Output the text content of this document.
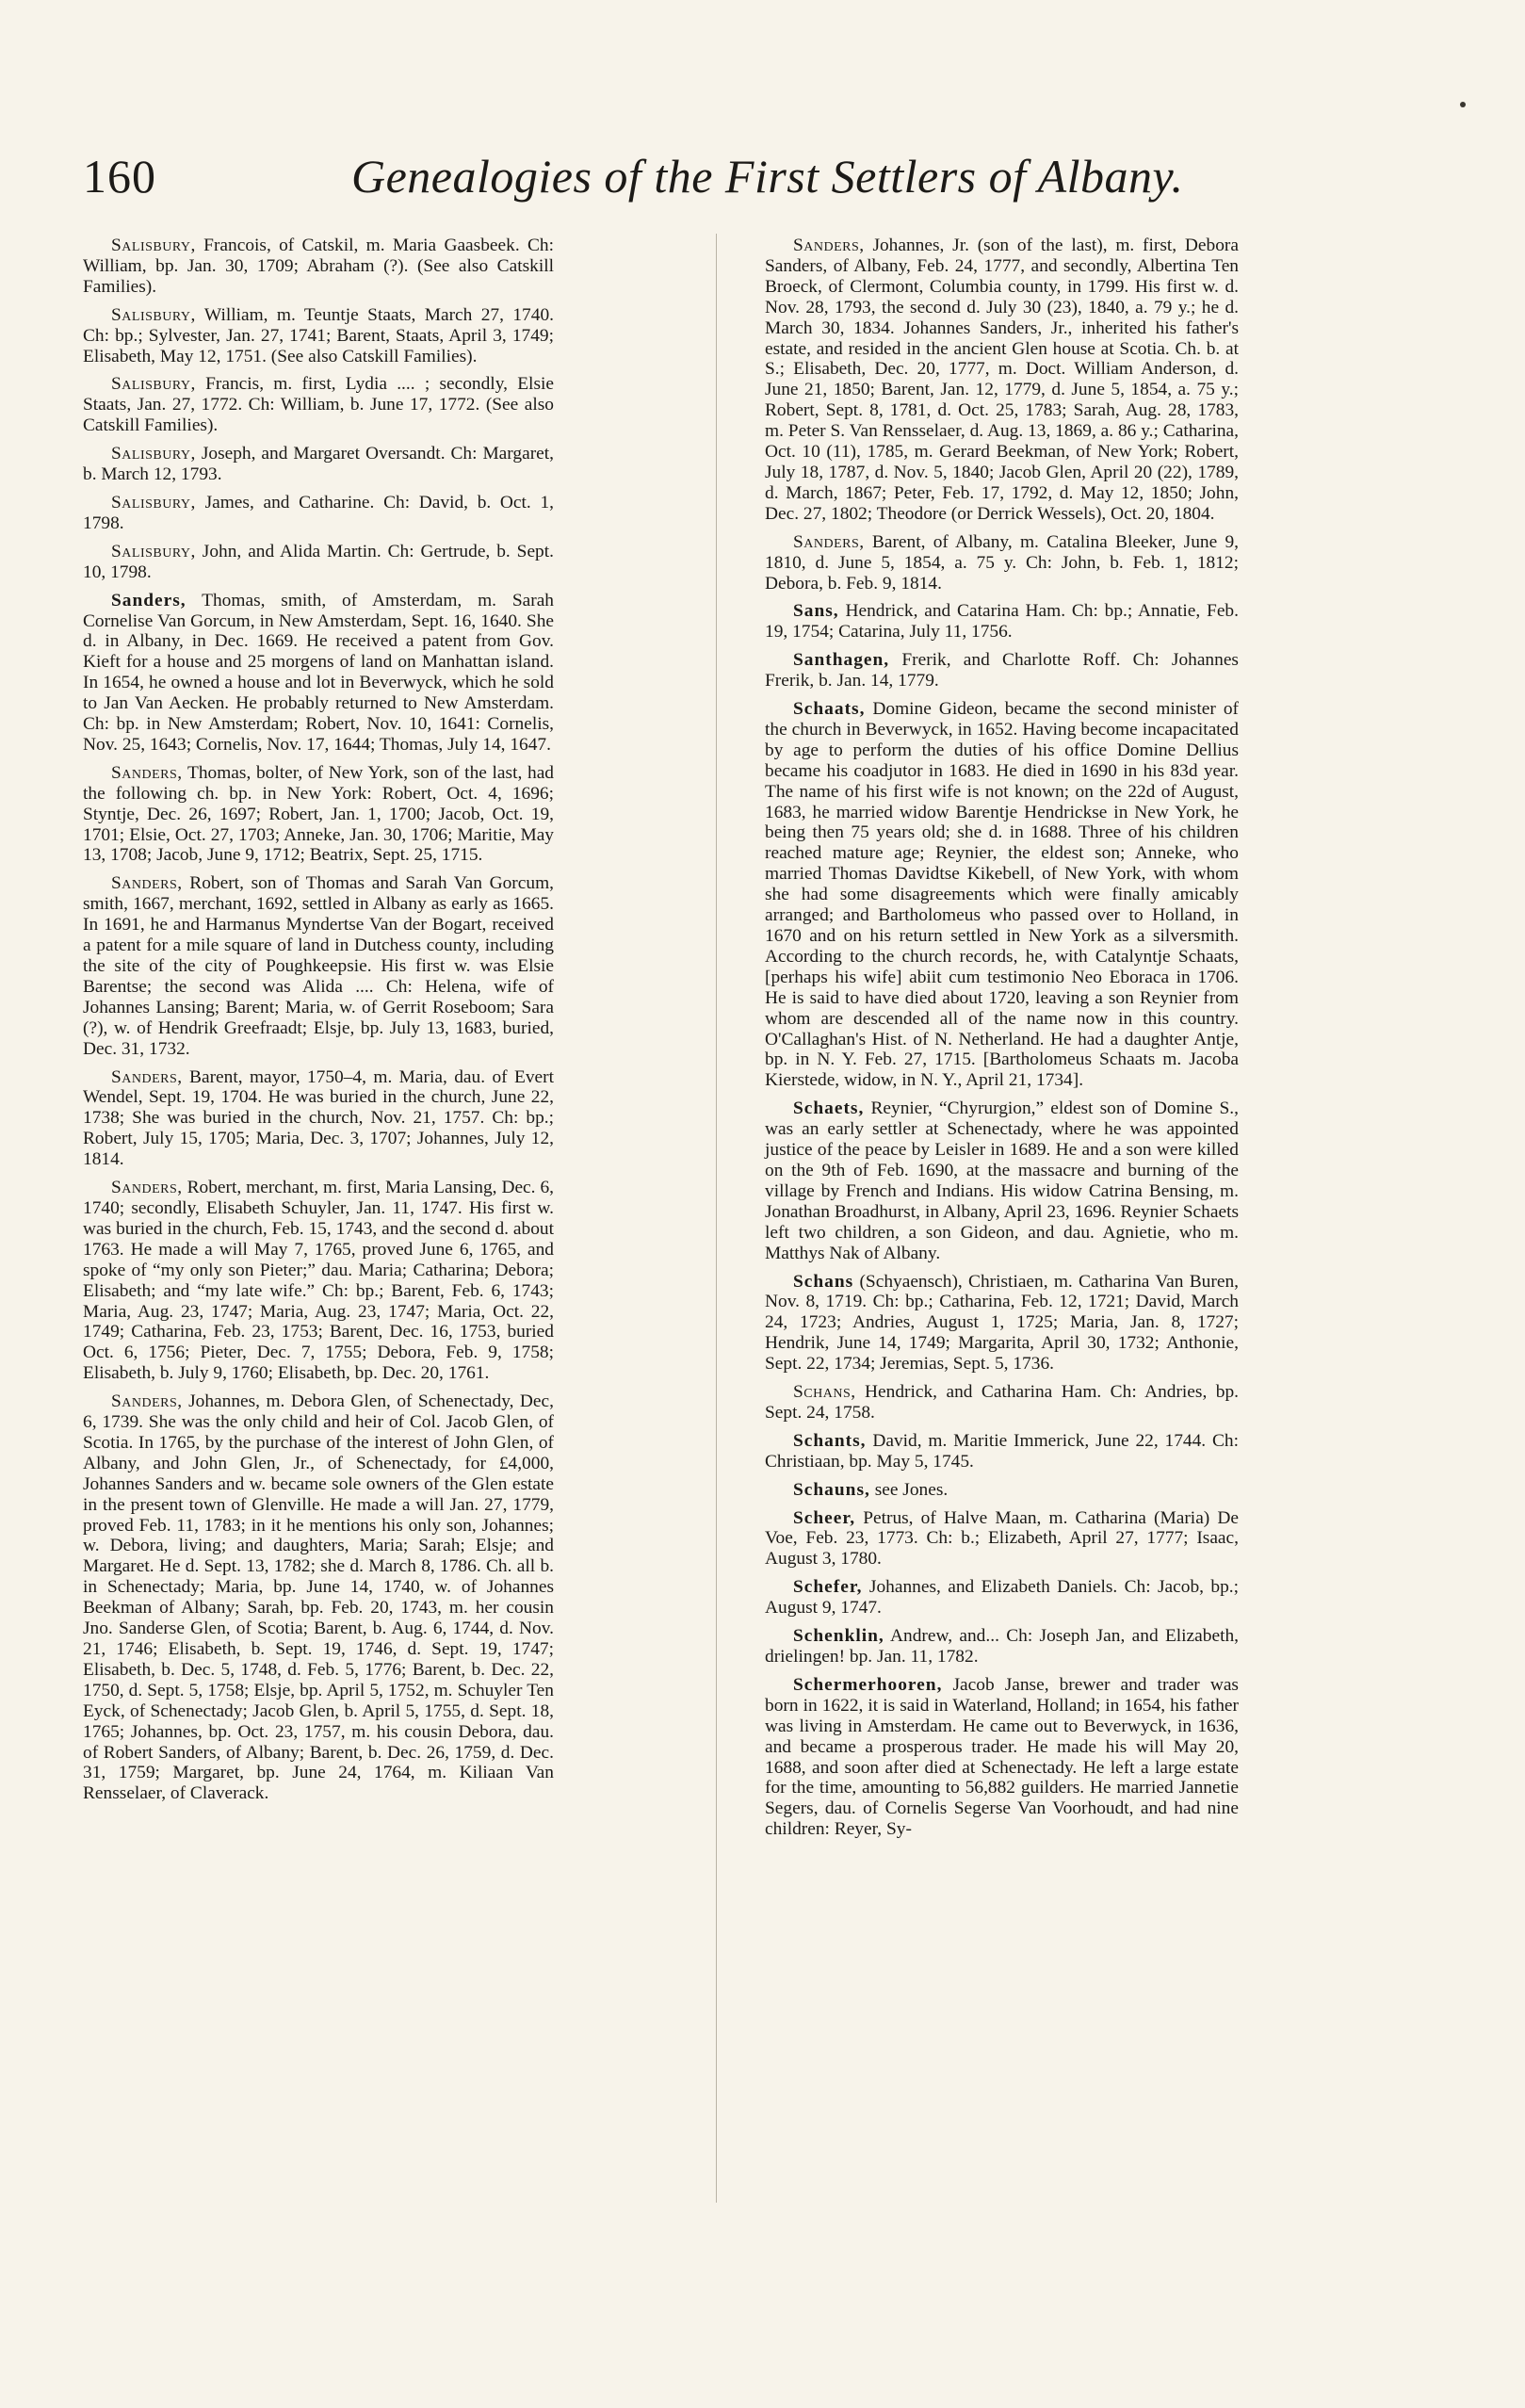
160	Genealogies of the First Settlers of Albany.

Salisbury, Francois, of Catskil, m. Maria Gaasbeek. Ch: William, bp. Jan. 30, 1709; Abraham (?). (See also Catskill Families).

Salisbury, William, m. Teuntje Staats, March 27, 1740. Ch: bp.; Sylvester, Jan. 27, 1741; Barent, Staats, April 3, 1749; Elisabeth, May 12, 1751. (See also Catskill Families).

Salisbury, Francis, m. first, Lydia .... ; secondly, Elsie Staats, Jan. 27, 1772. Ch: William, b. June 17, 1772. (See also Catskill Families).

Salisbury, Joseph, and Margaret Oversandt. Ch: Margaret, b. March 12, 1793.

Salisbury, James, and Catharine. Ch: David, b. Oct. 1, 1798.

Salisbury, John, and Alida Martin. Ch: Gertrude, b. Sept. 10, 1798.

Sanders, Thomas, smith, of Amsterdam, m. Sarah Cornelise Van Gorcum, in New Amsterdam, Sept. 16, 1640. She d. in Albany, in Dec. 1669. He received a patent from Gov. Kieft for a house and 25 morgens of land on Manhattan island. In 1654, he owned a house and lot in Beverwyck, which he sold to Jan Van Aecken. He probably returned to New Amsterdam. Ch: bp. in New Amsterdam; Robert, Nov. 10, 1641: Cornelis, Nov. 25, 1643; Cornelis, Nov. 17, 1644; Thomas, July 14, 1647.

Sanders, Thomas, bolter, of New York, son of the last, had the following ch. bp. in New York: Robert, Oct. 4, 1696; Styntje, Dec. 26, 1697; Robert, Jan. 1, 1700; Jacob, Oct. 19, 1701; Elsie, Oct. 27, 1703; Anneke, Jan. 30, 1706; Maritie, May 13, 1708; Jacob, June 9, 1712; Beatrix, Sept. 25, 1715.

Sanders, Robert, son of Thomas and Sarah Van Gorcum, smith, 1667, merchant, 1692, settled in Albany as early as 1665. In 1691, he and Harmanus Myndertse Van der Bogart, received a patent for a mile square of land in Dutchess county, including the site of the city of Poughkeepsie. His first w. was Elsie Barentse; the second was Alida .... Ch: Helena, wife of Johannes Lansing; Barent; Maria, w. of Gerrit Roseboom; Sara (?), w. of Hendrik Greefraadt; Elsje, bp. July 13, 1683, buried, Dec. 31, 1732.

Sanders, Barent, mayor, 1750–4, m. Maria, dau. of Evert Wendel, Sept. 19, 1704. He was buried in the church, June 22, 1738; She was buried in the church, Nov. 21, 1757. Ch: bp.; Robert, July 15, 1705; Maria, Dec. 3, 1707; Johannes, July 12, 1814.

Sanders, Robert, merchant, m. first, Maria Lansing, Dec. 6, 1740; secondly, Elisabeth Schuyler, Jan. 11, 1747. His first w. was buried in the church, Feb. 15, 1743, and the second d. about 1763. He made a will May 7, 1765, proved June 6, 1765, and spoke of “my only son Pieter;” dau. Maria; Catharina; Debora; Elisabeth; and “my late wife.” Ch: bp.; Barent, Feb. 6, 1743; Maria, Aug. 23, 1747; Maria, Aug. 23, 1747; Maria, Oct. 22, 1749; Catharina, Feb. 23, 1753; Barent, Dec. 16, 1753, buried Oct. 6, 1756; Pieter, Dec. 7, 1755; Debora, Feb. 9, 1758; Elisabeth, b. July 9, 1760; Elisabeth, bp. Dec. 20, 1761.

Sanders, Johannes, m. Debora Glen, of Schenectady, Dec, 6, 1739. She was the only child and heir of Col. Jacob Glen, of Scotia. In 1765, by the purchase of the interest of John Glen, of Albany, and John Glen, Jr., of Schenectady, for £4,000, Johannes Sanders and w. became sole owners of the Glen estate in the present town of Glenville. He made a will Jan. 27, 1779, proved Feb. 11, 1783; in it he mentions his only son, Johannes; w. Debora, living; and daughters, Maria; Sarah; Elsje; and Margaret. He d. Sept. 13, 1782; she d. March 8, 1786. Ch. all b. in Schenectady; Maria, bp. June 14, 1740, w. of Johannes Beekman of Albany; Sarah, bp. Feb. 20, 1743, m. her cousin Jno. Sanderse Glen, of Scotia; Barent, b. Aug. 6, 1744, d. Nov. 21, 1746; Elisabeth, b. Sept. 19, 1746, d. Sept. 19, 1747; Elisabeth, b. Dec. 5, 1748, d. Feb. 5, 1776; Barent, b. Dec. 22, 1750, d. Sept. 5, 1758; Elsje, bp. April 5, 1752, m. Schuyler Ten Eyck, of Schenectady; Jacob Glen, b. April 5, 1755, d. Sept. 18, 1765; Johannes, bp. Oct. 23, 1757, m. his cousin Debora, dau. of Robert Sanders, of Albany; Barent, b. Dec. 26, 1759, d. Dec. 31, 1759; Margaret, bp. June 24, 1764, m. Kiliaan Van Rensselaer, of Claverack.

Sanders, Johannes, Jr. (son of the last), m. first, Debora Sanders, of Albany, Feb. 24, 1777, and secondly, Albertina Ten Broeck, of Clermont, Columbia county, in 1799. His first w. d. Nov. 28, 1793, the second d. July 30 (23), 1840, a. 79 y.; he d. March 30, 1834. Johannes Sanders, Jr., inherited his father's estate, and resided in the ancient Glen house at Scotia. Ch. b. at S.; Elisabeth, Dec. 20, 1777, m. Doct. William Anderson, d. June 21, 1850; Barent, Jan. 12, 1779, d. June 5, 1854, a. 75 y.; Robert, Sept. 8, 1781, d. Oct. 25, 1783; Sarah, Aug. 28, 1783, m. Peter S. Van Rensselaer, d. Aug. 13, 1869, a. 86 y.; Catharina, Oct. 10 (11), 1785, m. Gerard Beekman, of New York; Robert, July 18, 1787, d. Nov. 5, 1840; Jacob Glen, April 20 (22), 1789, d. March, 1867; Peter, Feb. 17, 1792, d. May 12, 1850; John, Dec. 27, 1802; Theodore (or Derrick Wessels), Oct. 20, 1804.

Sanders, Barent, of Albany, m. Catalina Bleeker, June 9, 1810, d. June 5, 1854, a. 75 y. Ch: John, b. Feb. 1, 1812; Debora, b. Feb. 9, 1814.

Sans, Hendrick, and Catarina Ham. Ch: bp.; Annatie, Feb. 19, 1754; Catarina, July 11, 1756.

Santhagen, Frerik, and Charlotte Roff. Ch: Johannes Frerik, b. Jan. 14, 1779.

Schaats, Domine Gideon, became the second minister of the church in Beverwyck, in 1652. Having become incapacitated by age to perform the duties of his office Domine Dellius became his coadjutor in 1683. He died in 1690 in his 83d year. The name of his first wife is not known; on the 22d of August, 1683, he married widow Barentje Hendrickse in New York, he being then 75 years old; she d. in 1688. Three of his children reached mature age; Reynier, the eldest son; Anneke, who married Thomas Davidtse Kikebell, of New York, with whom she had some disagreements which were finally amicably arranged; and Bartholomeus who passed over to Holland, in 1670 and on his return settled in New York as a silversmith. According to the church records, he, with Catalyntje Schaats, [perhaps his wife] abiit cum testimonio Neo Eboraca in 1706. He is said to have died about 1720, leaving a son Reynier from whom are descended all of the name now in this country. O'Callaghan's Hist. of N. Netherland. He had a daughter Antje, bp. in N. Y. Feb. 27, 1715. [Bartholomeus Schaats m. Jacoba Kierstede, widow, in N. Y., April 21, 1734].

Schaets, Reynier, “Chyrurgion,” eldest son of Domine S., was an early settler at Schenectady, where he was appointed justice of the peace by Leisler in 1689. He and a son were killed on the 9th of Feb. 1690, at the massacre and burning of the village by French and Indians. His widow Catrina Bensing, m. Jonathan Broadhurst, in Albany, April 23, 1696. Reynier Schaets left two children, a son Gideon, and dau. Agnietie, who m. Matthys Nak of Albany.

Schans (Schyaensch), Christiaen, m. Catharina Van Buren, Nov. 8, 1719. Ch: bp.; Catharina, Feb. 12, 1721; David, March 24, 1723; Andries, August 1, 1725; Maria, Jan. 8, 1727; Hendrik, June 14, 1749; Margarita, April 30, 1732; Anthonie, Sept. 22, 1734; Jeremias, Sept. 5, 1736.

Schans, Hendrick, and Catharina Ham. Ch: Andries, bp. Sept. 24, 1758.

Schants, David, m. Maritie Immerick, June 22, 1744. Ch: Christiaan, bp. May 5, 1745.

Schauns, see Jones.

Scheer, Petrus, of Halve Maan, m. Catharina (Maria) De Voe, Feb. 23, 1773. Ch: b.; Elizabeth, April 27, 1777; Isaac, August 3, 1780.

Schefer, Johannes, and Elizabeth Daniels. Ch: Jacob, bp.; August 9, 1747.

Schenklin, Andrew, and... Ch: Joseph Jan, and Elizabeth, drielingen! bp. Jan. 11, 1782.

Schermerhooren, Jacob Janse, brewer and trader was born in 1622, it is said in Waterland, Holland; in 1654, his father was living in Amsterdam. He came out to Beverwyck, in 1636, and became a prosperous trader. He made his will May 20, 1688, and soon after died at Schenectady. He left a large estate for the time, amounting to 56,882 guilders. He married Jannetie Segers, dau. of Cornelis Segerse Van Voorhoudt, and had nine children: Reyer, Sy-
